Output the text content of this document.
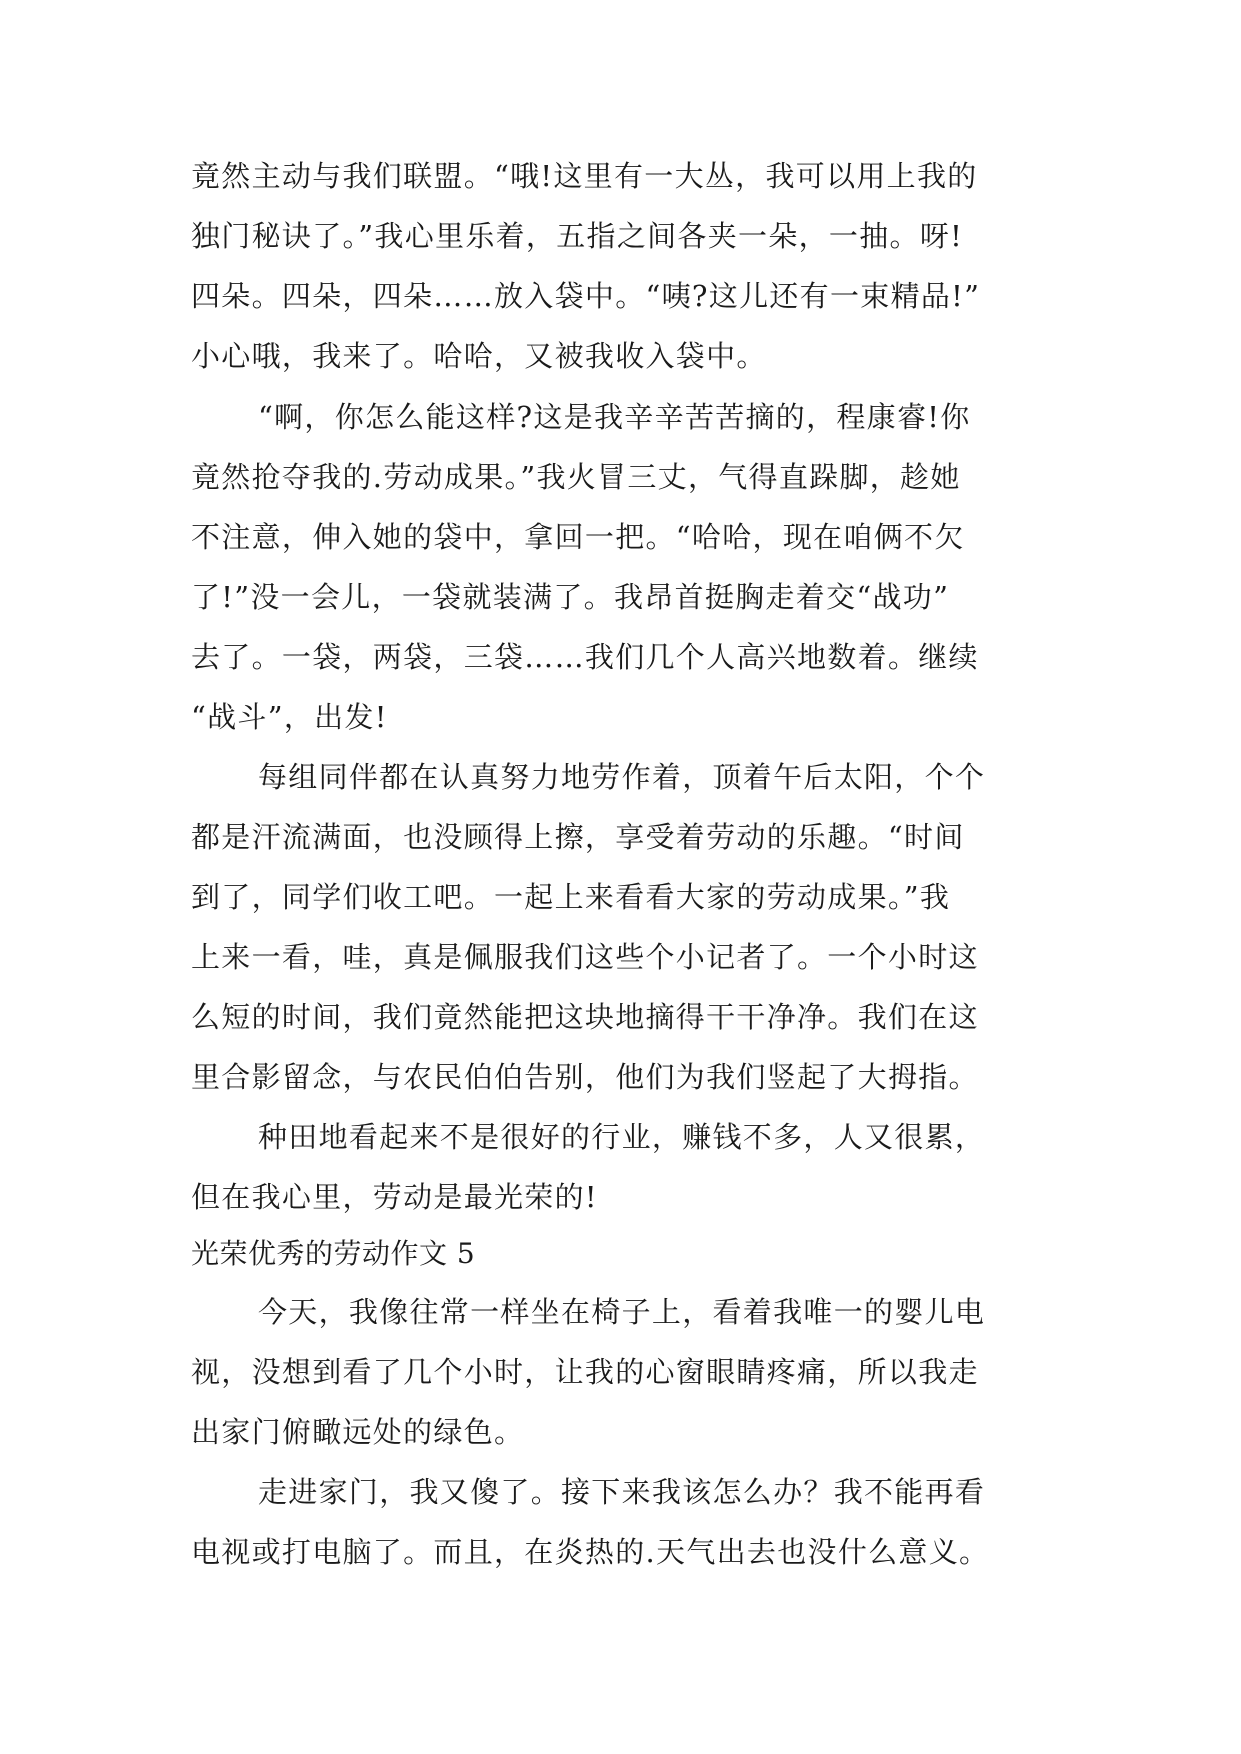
竟然主动与我们联盟。“哦!这里有一大丛，我可以用上我的
独门秘诀了。”我心里乐着，五指之间各夹一朵，一抽。呀!
四朵。四朵，四朵……放入袋中。“咦?这儿还有一束精品!”
小心哦，我来了。哈哈，又被我收入袋中。
“啊，你怎么能这样?这是我辛辛苦苦摘的，程康睿!你
竟然抢夺我的.劳动成果。”我火冒三丈，气得直跺脚，趁她
不注意，伸入她的袋中，拿回一把。“哈哈，现在咱俩不欠
了!”没一会儿，一袋就装满了。我昂首挺胸走着交“战功”
去了。一袋，两袋，三袋……我们几个人高兴地数着。继续
“战斗”，出发!
每组同伴都在认真努力地劳作着，顶着午后太阳，个个
都是汗流满面，也没顾得上擦，享受着劳动的乐趣。“时间
到了，同学们收工吧。一起上来看看大家的劳动成果。”我
上来一看，哇，真是佩服我们这些个小记者了。一个小时这
么短的时间，我们竟然能把这块地摘得干干净净。我们在这
里合影留念，与农民伯伯告别，他们为我们竖起了大拇指。
种田地看起来不是很好的行业，赚钱不多，人又很累，
但在我心里，劳动是最光荣的!
光荣优秀的劳动作文 5
今天，我像往常一样坐在椅子上，看着我唯一的婴儿电
视，没想到看了几个小时，让我的心窗眼睛疼痛，所以我走
出家门俯瞰远处的绿色。
走进家门，我又傻了。接下来我该怎么办？我不能再看
电视或打电脑了。而且，在炎热的.天气出去也没什么意义。
